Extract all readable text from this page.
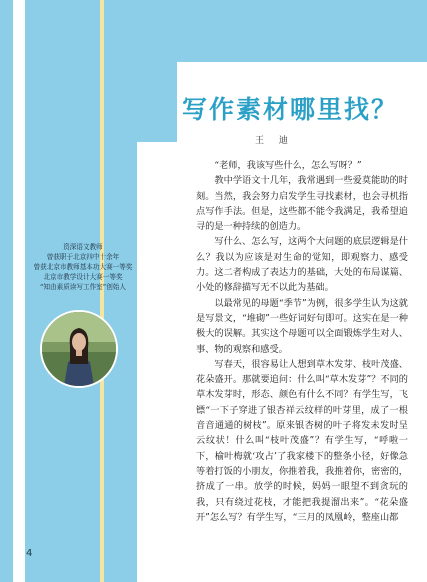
写作素材哪里找？

王 迪

资深语文教师
曾获职于北京四中十余年
曾获北京市教师基本功大赛一等奖
北京市教学设计大赛一等奖
“知由素质读写工作室”创始人

“老师，我该写些什么，怎么写呀？”

教中学语文十几年，我常遇到一些爱莫能助的时刻。当然，我会努力启发学生寻找素材，也会寻机指点写作手法。但是，这些都不能令我满足，我希望追寻的是一种持续的创造力。

写什么、怎么写，这两个大问题的底层逻辑是什么？我以为应该是对生命的觉知，即观察力、感受力。这二者构成了表达力的基础，大处的布局谋篇、小处的修辞描写无不以此为基础。

以最常见的母题“季节”为例，很多学生认为这就是写景文，“堆砌”一些好词好句即可。这实在是一种极大的误解。其实这个母题可以全面锻炼学生对人、事、物的观察和感受。

写春天，很容易让人想到草木发芽、枝叶茂盛、花朵盛开。那就要追问：什么叫“草木发芽”？不同的草木发芽时，形态、颜色有什么不同？有学生写，飞镖“一下子穿进了银杏祥云纹样的叶芽里，成了一根音音通通的树枝”。原来银杏树的叶子将发未发时呈云纹状！什么叫“枝叶茂盛”？有学生写，“呼啦一下，榆叶梅就‘攻占’了我家楼下的整条小径，好像急等着打饭的小朋友，你推着我，我推着你，密密的，挤成了一串。放学的时候，妈妈一眼望不到贪玩的我，只有绕过花枝，才能把我提溜出来”。“花朵盛开”怎么写？有学生写，“三月的凤凰岭，整座山都

4
